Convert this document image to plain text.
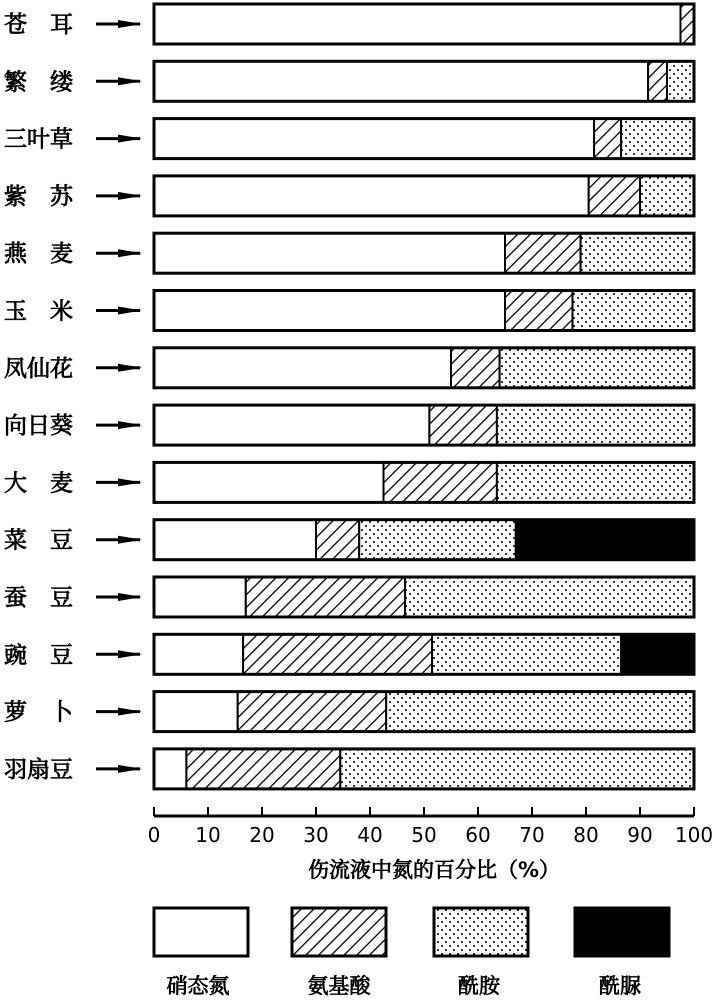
苍　耳
繁　缕
三叶草
紫　苏
燕　麦
玉　米
凤仙花
向日葵
大　麦
菜　豆
蚕　豆
豌　豆
萝　卜
羽扇豆
0 10 20 30 40 50 60 70 80 90 100
伤流液中氮的百分比（%）
硝态氮	氨基酸	酰胺	酰脲
